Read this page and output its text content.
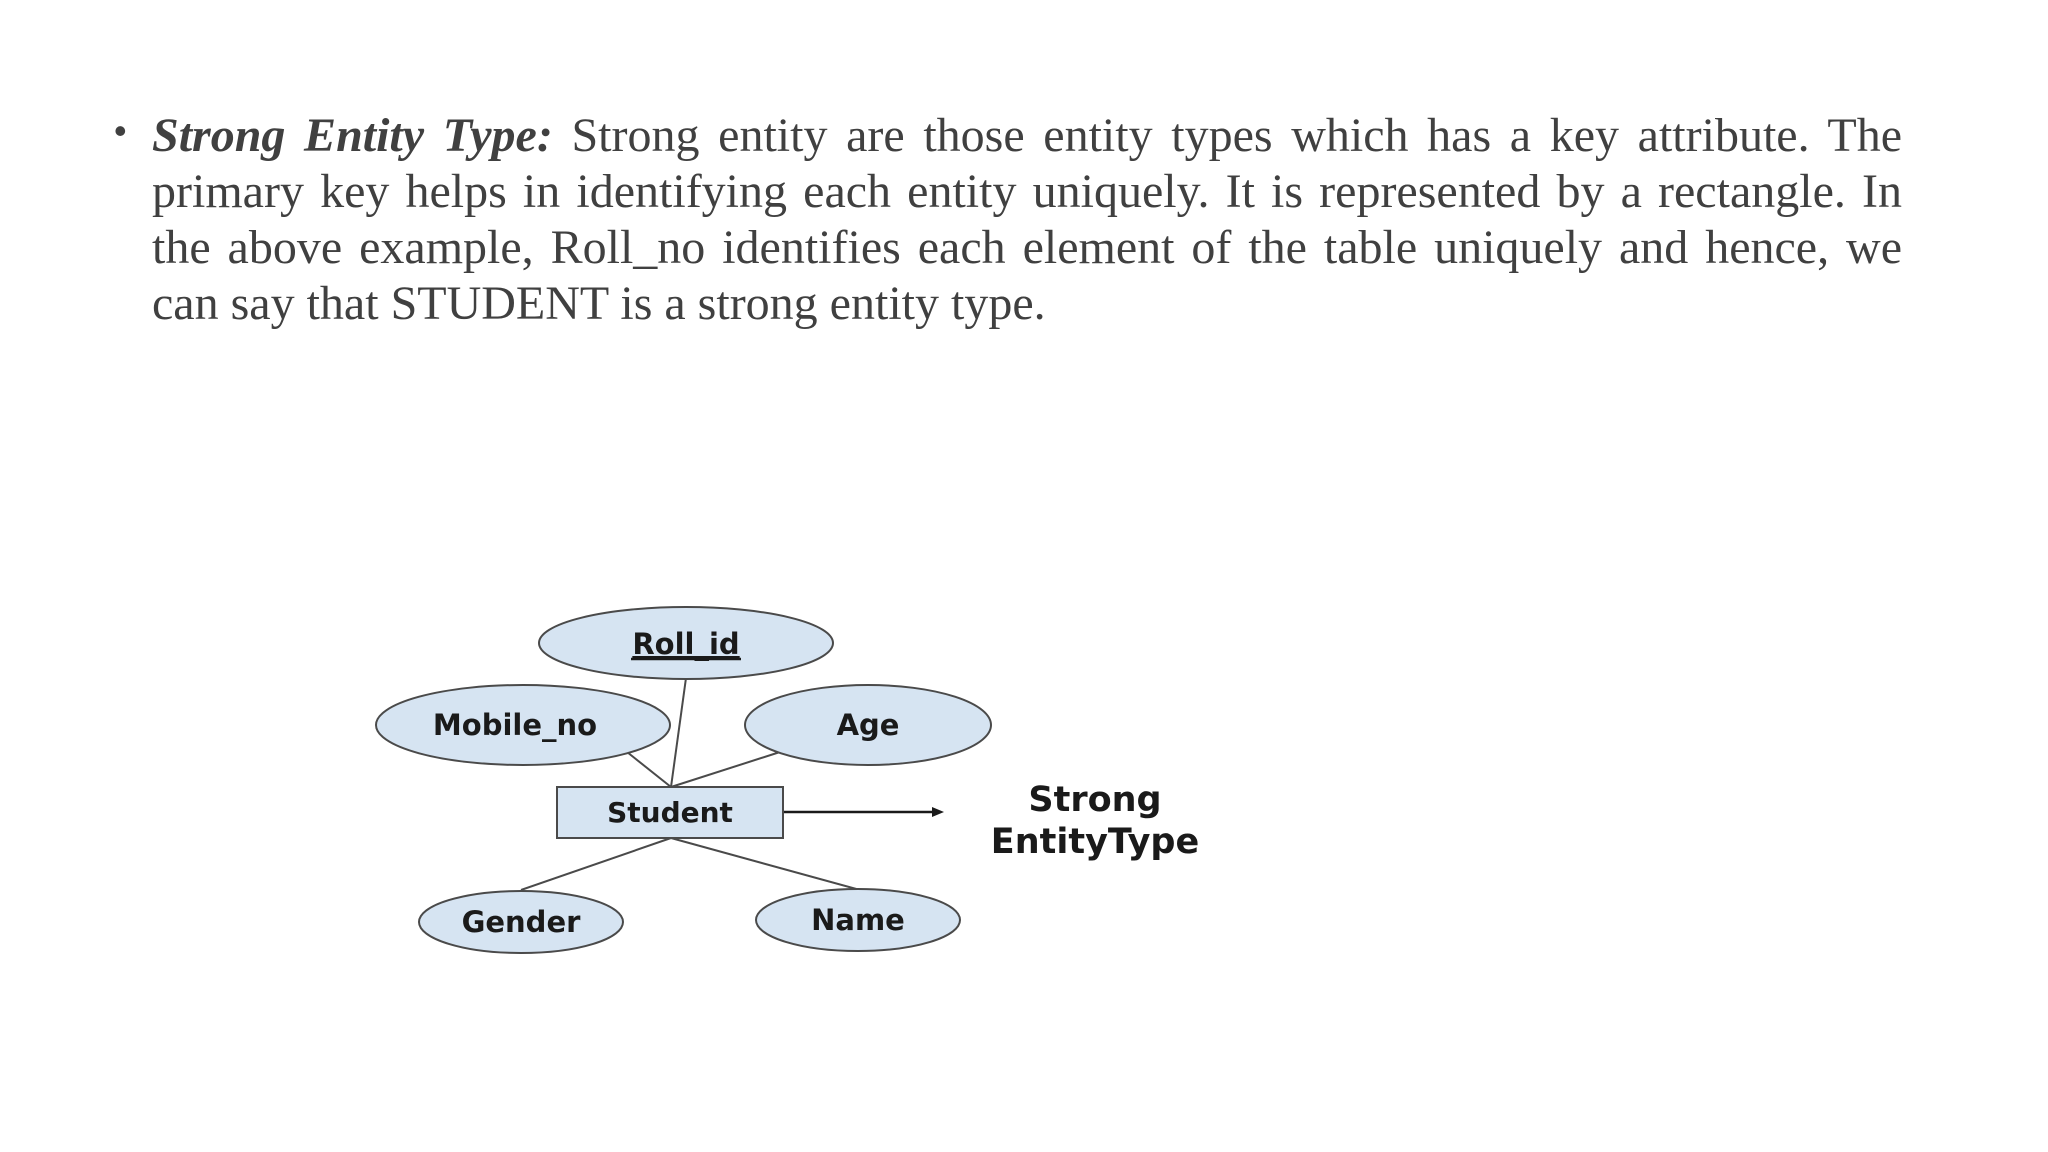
• Strong Entity Type: Strong entity are those entity types which has a key attribute. The primary key helps in identifying each entity uniquely. It is represented by a rectangle. In the above example, Roll_no identifies each element of the table uniquely and hence, we can say that STUDENT is a strong entity type.

Student
Roll_id
Mobile_no	Age
Gender	Name
Strong
EntityType
